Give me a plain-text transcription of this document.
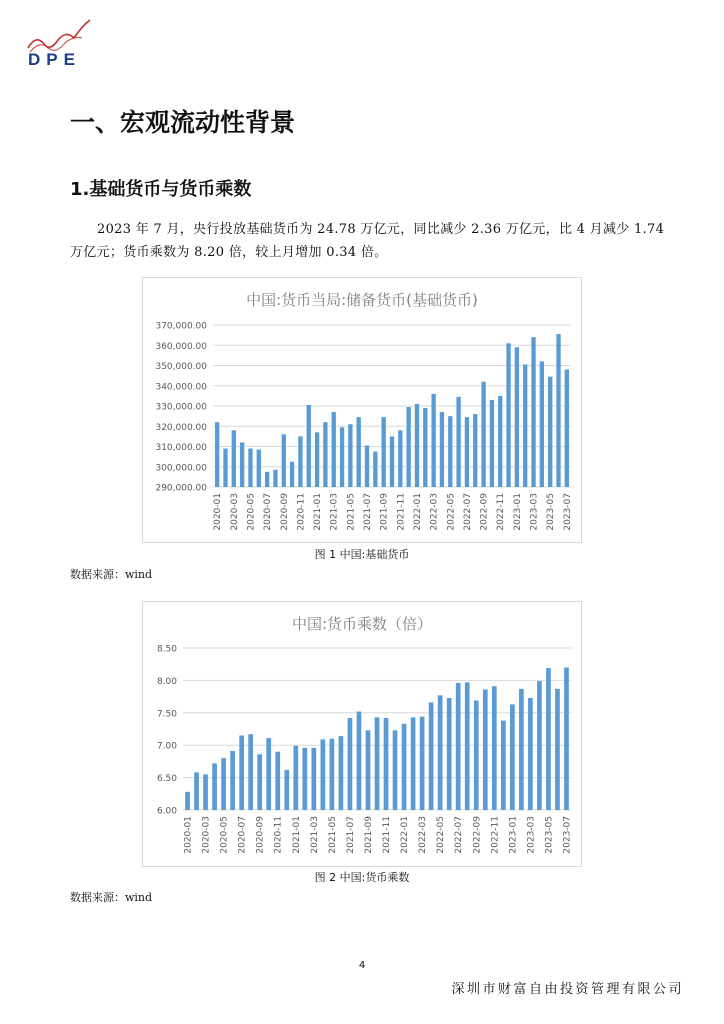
DPE
一、宏观流动性背景
1.基础货币与货币乘数
2023 年 7 月，央行投放基础货币为 24.78 万亿元，同比减少 2.36 万亿元，比 4 月减少 1.74 万亿元；货币乘数为 8.20 倍，较上月增加 0.34 倍。
中国:货币当局:储备货币(基础货币)
290,000.00
300,000.00
310,000.00
320,000.00
330,000.00
340,000.00
350,000.00
360,000.00
370,000.00
2020-01 2020-03 2020-05 2020-07 2020-09 2020-11 2021-01 2021-03 2021-05 2021-07 2021-09 2021-11 2022-01 2022-03 2022-05 2022-07 2022-09 2022-11 2023-01 2023-03 2023-05 2023-07
图 1 中国:基础货币
数据来源：wind
中国:货币乘数（倍）
6.00
6.50
7.00
7.50
8.00
8.50
2020-01 2020-03 2020-05 2020-07 2020-09 2020-11 2021-01 2021-03 2021-05 2021-07 2021-09 2021-11 2022-01 2022-03 2022-05 2022-07 2022-09 2022-11 2023-01 2023-03 2023-05 2023-07
图 2 中国:货币乘数
数据来源：wind
4
深圳市财富自由投资管理有限公司
